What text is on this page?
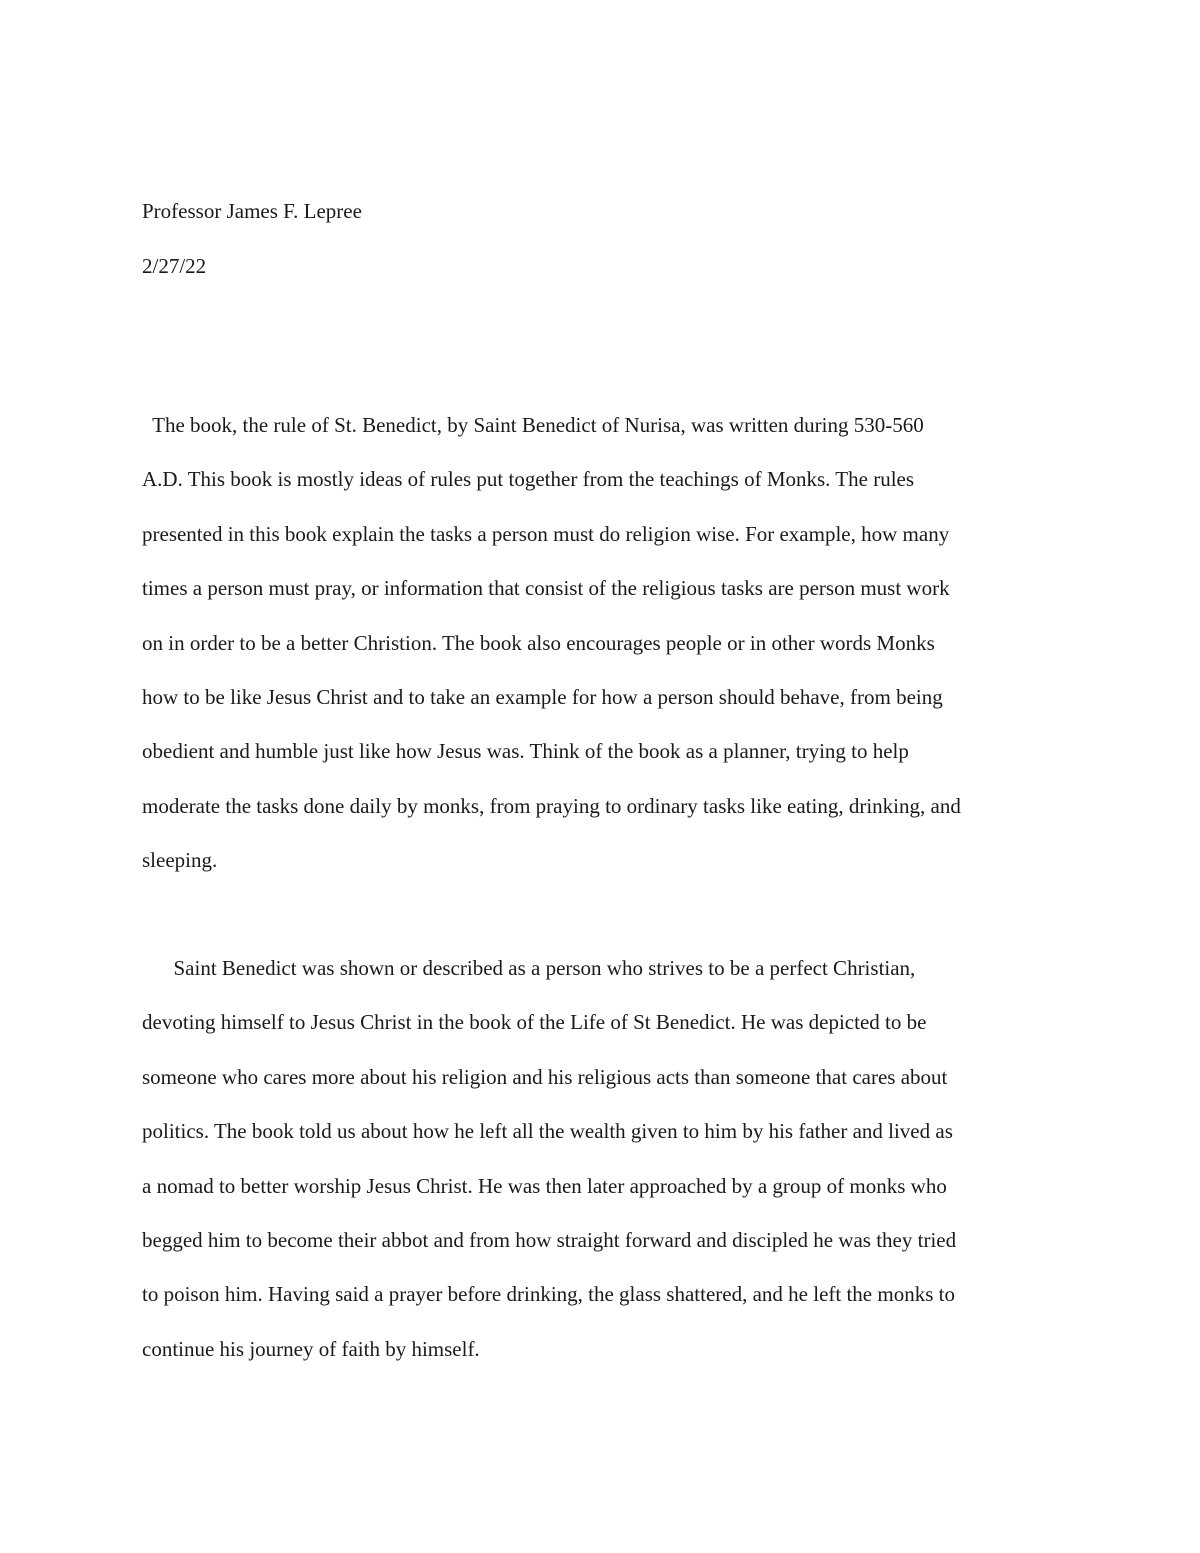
Professor James F. Lepree
2/27/22
The book, the rule of St. Benedict, by Saint Benedict of Nurisa, was written during 530-560
A.D. This book is mostly ideas of rules put together from the teachings of Monks. The rules
presented in this book explain the tasks a person must do religion wise. For example, how many
times a person must pray, or information that consist of the religious tasks are person must work
on in order to be a better Christion. The book also encourages people or in other words Monks
how to be like Jesus Christ and to take an example for how a person should behave, from being
obedient and humble just like how Jesus was. Think of the book as a planner, trying to help
moderate the tasks done daily by monks, from praying to ordinary tasks like eating, drinking, and
sleeping.
Saint Benedict was shown or described as a person who strives to be a perfect Christian,
devoting himself to Jesus Christ in the book of the Life of St Benedict. He was depicted to be
someone who cares more about his religion and his religious acts than someone that cares about
politics. The book told us about how he left all the wealth given to him by his father and lived as
a nomad to better worship Jesus Christ. He was then later approached by a group of monks who
begged him to become their abbot and from how straight forward and discipled he was they tried
to poison him. Having said a prayer before drinking, the glass shattered, and he left the monks to
continue his journey of faith by himself.
